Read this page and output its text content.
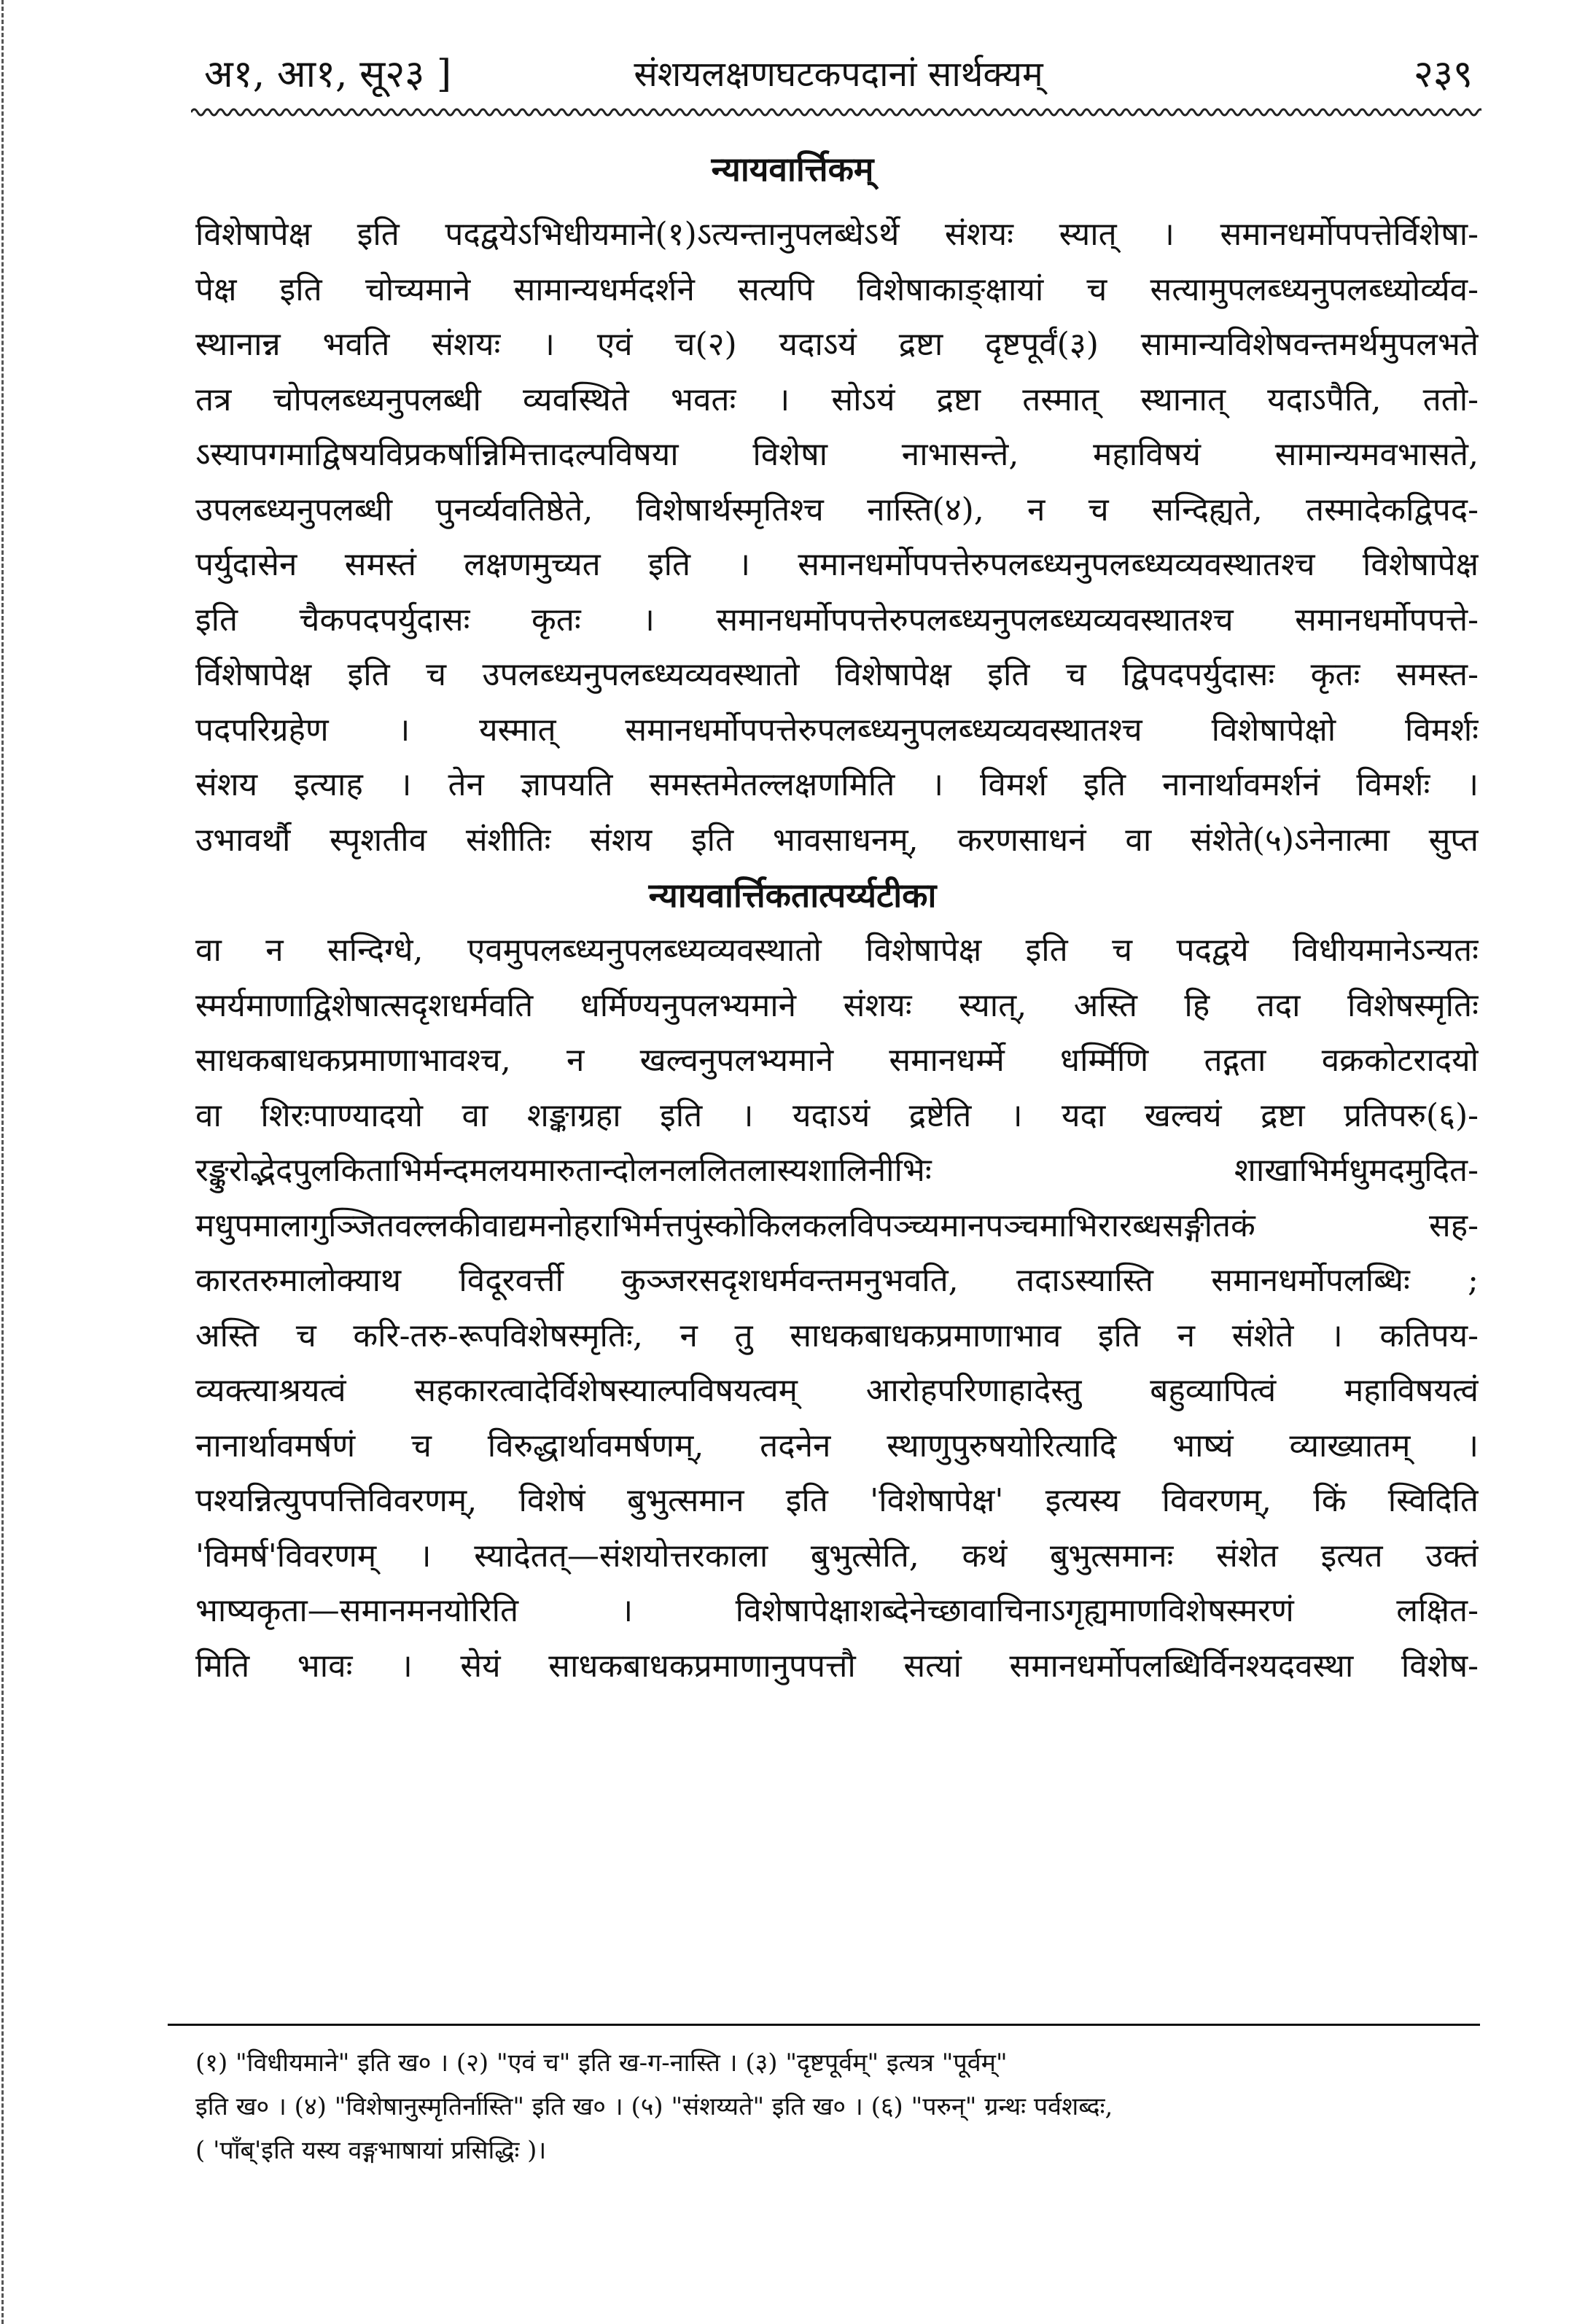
अ१, आ१, सू२३ ]	संशयलक्षणघटकपदानां सार्थक्यम्	२३९
न्यायवार्त्तिकम्
विशेषापेक्ष इति पदद्वयेऽभिधीयमाने(१)ऽत्यन्तानुपलब्धेऽर्थे संशयः स्यात् । समानधर्मोपपत्तेर्विशेषा-
पेक्ष इति चोच्यमाने सामान्यधर्मदर्शने सत्यपि विशेषाकाङ्क्षायां च सत्यामुपलब्ध्यनुपलब्ध्योर्व्यव-
स्थानान्न भवति संशयः । एवं च(२) यदाऽयं द्रष्टा दृष्टपूर्वं(३) सामान्यविशेषवन्तमर्थमुपलभते
तत्र चोपलब्ध्यनुपलब्धी व्यवस्थिते भवतः । सोऽयं द्रष्टा तस्मात् स्थानात् यदाऽपैति, ततो-
ऽस्यापगमाद्विषयविप्रकर्षान्निमित्तादल्पविषया विशेषा नाभासन्ते, महाविषयं सामान्यमवभासते,
उपलब्ध्यनुपलब्धी पुनर्व्यवतिष्ठेते, विशेषार्थस्मृतिश्च नास्ति(४), न च सन्दिह्यते, तस्मादेकद्विपद-
पर्युदासेन समस्तं लक्षणमुच्यत इति । समानधर्मोपपत्तेरुपलब्ध्यनुपलब्ध्यव्यवस्थातश्च विशेषापेक्ष
इति चैकपदपर्युदासः कृतः । समानधर्मोपपत्तेरुपलब्ध्यनुपलब्ध्यव्यवस्थातश्च समानधर्मोपपत्ते-
र्विशेषापेक्ष इति च उपलब्ध्यनुपलब्ध्यव्यवस्थातो विशेषापेक्ष इति च द्विपदपर्युदासः कृतः समस्त-
पदपरिग्रहेण । यस्मात् समानधर्मोपपत्तेरुपलब्ध्यनुपलब्ध्यव्यवस्थातश्च विशेषापेक्षो विमर्शः
संशय इत्याह । तेन ज्ञापयति समस्तमेतल्लक्षणमिति । विमर्श इति नानार्थावमर्शनं विमर्शः ।
उभावर्थौ स्पृशतीव संशीतिः संशय इति भावसाधनम्, करणसाधनं वा संशेते(५)ऽनेनात्मा सुप्त
न्यायवार्त्तिकतात्पर्य्यटीका
वा न सन्दिग्धे, एवमुपलब्ध्यनुपलब्ध्यव्यवस्थातो विशेषापेक्ष इति च पदद्वये विधीयमानेऽन्यतः
स्मर्यमाणाद्विशेषात्सदृशधर्मवति धर्मिण्यनुपलभ्यमाने संशयः स्यात्, अस्ति हि तदा विशेषस्मृतिः
साधकबाधकप्रमाणाभावश्च, न खल्वनुपलभ्यमाने समानधर्म्मे धर्म्मिणि तद्गता वक्रकोटरादयो
वा शिरःपाण्यादयो वा शङ्काग्रहा इति । यदाऽयं द्रष्टेति । यदा खल्वयं द्रष्टा प्रतिपरु(६)-
रङ्कुरोद्भेदपुलकिताभिर्मन्दमलयमारुतान्दोलनललितलास्यशालिनीभिः शाखाभिर्मधुमदमुदित-
मधुपमालागुञ्जितवल्लकीवाद्यमनोहराभिर्मत्तपुंस्कोकिलकलविपञ्च्यमानपञ्चमाभिरारब्धसङ्गीतकं सह-
कारतरुमालोक्याथ विदूरवर्त्ती कुञ्जरसदृशधर्मवन्तमनुभवति, तदाऽस्यास्ति समानधर्मोपलब्धिः ;
अस्ति च करि-तरु-रूपविशेषस्मृतिः, न तु साधकबाधकप्रमाणाभाव इति न संशेते । कतिपय-
व्यक्त्याश्रयत्वं सहकारत्वादेर्विशेषस्याल्पविषयत्वम् आरोहपरिणाहादेस्तु बहुव्यापित्वं महाविषयत्वं
नानार्थावमर्षणं च विरुद्धार्थावमर्षणम्, तदनेन स्थाणुपुरुषयोरित्यादि भाष्यं व्याख्यातम् ।
पश्यन्नित्युपपत्तिविवरणम्, विशेषं बुभुत्समान इति 'विशेषापेक्ष' इत्यस्य विवरणम्, किं स्विदिति
'विमर्ष'विवरणम् । स्यादेतत्—संशयोत्तरकाला बुभुत्सेति, कथं बुभुत्समानः संशेत इत्यत उक्तं
भाष्यकृता—समानमनयोरिति । विशेषापेक्षाशब्देनेच्छावाचिनाऽगृह्यमाणविशेषस्मरणं लक्षित-
मिति भावः । सेयं साधकबाधकप्रमाणानुपपत्तौ सत्यां समानधर्मोपलब्धिर्विनश्यदवस्था विशेष-
(१) "विधीयमाने" इति ख० । (२) "एवं च" इति ख-ग-नास्ति । (३) "दृष्टपूर्वम्" इत्यत्र "पूर्वम्"
इति ख० । (४) "विशेषानुस्मृतिर्नास्ति" इति ख० । (५) "संशय्यते" इति ख० । (६) "परुन्" ग्रन्थः पर्वशब्दः,
( 'पाँब्'इति यस्य वङ्गभाषायां प्रसिद्धिः )।
